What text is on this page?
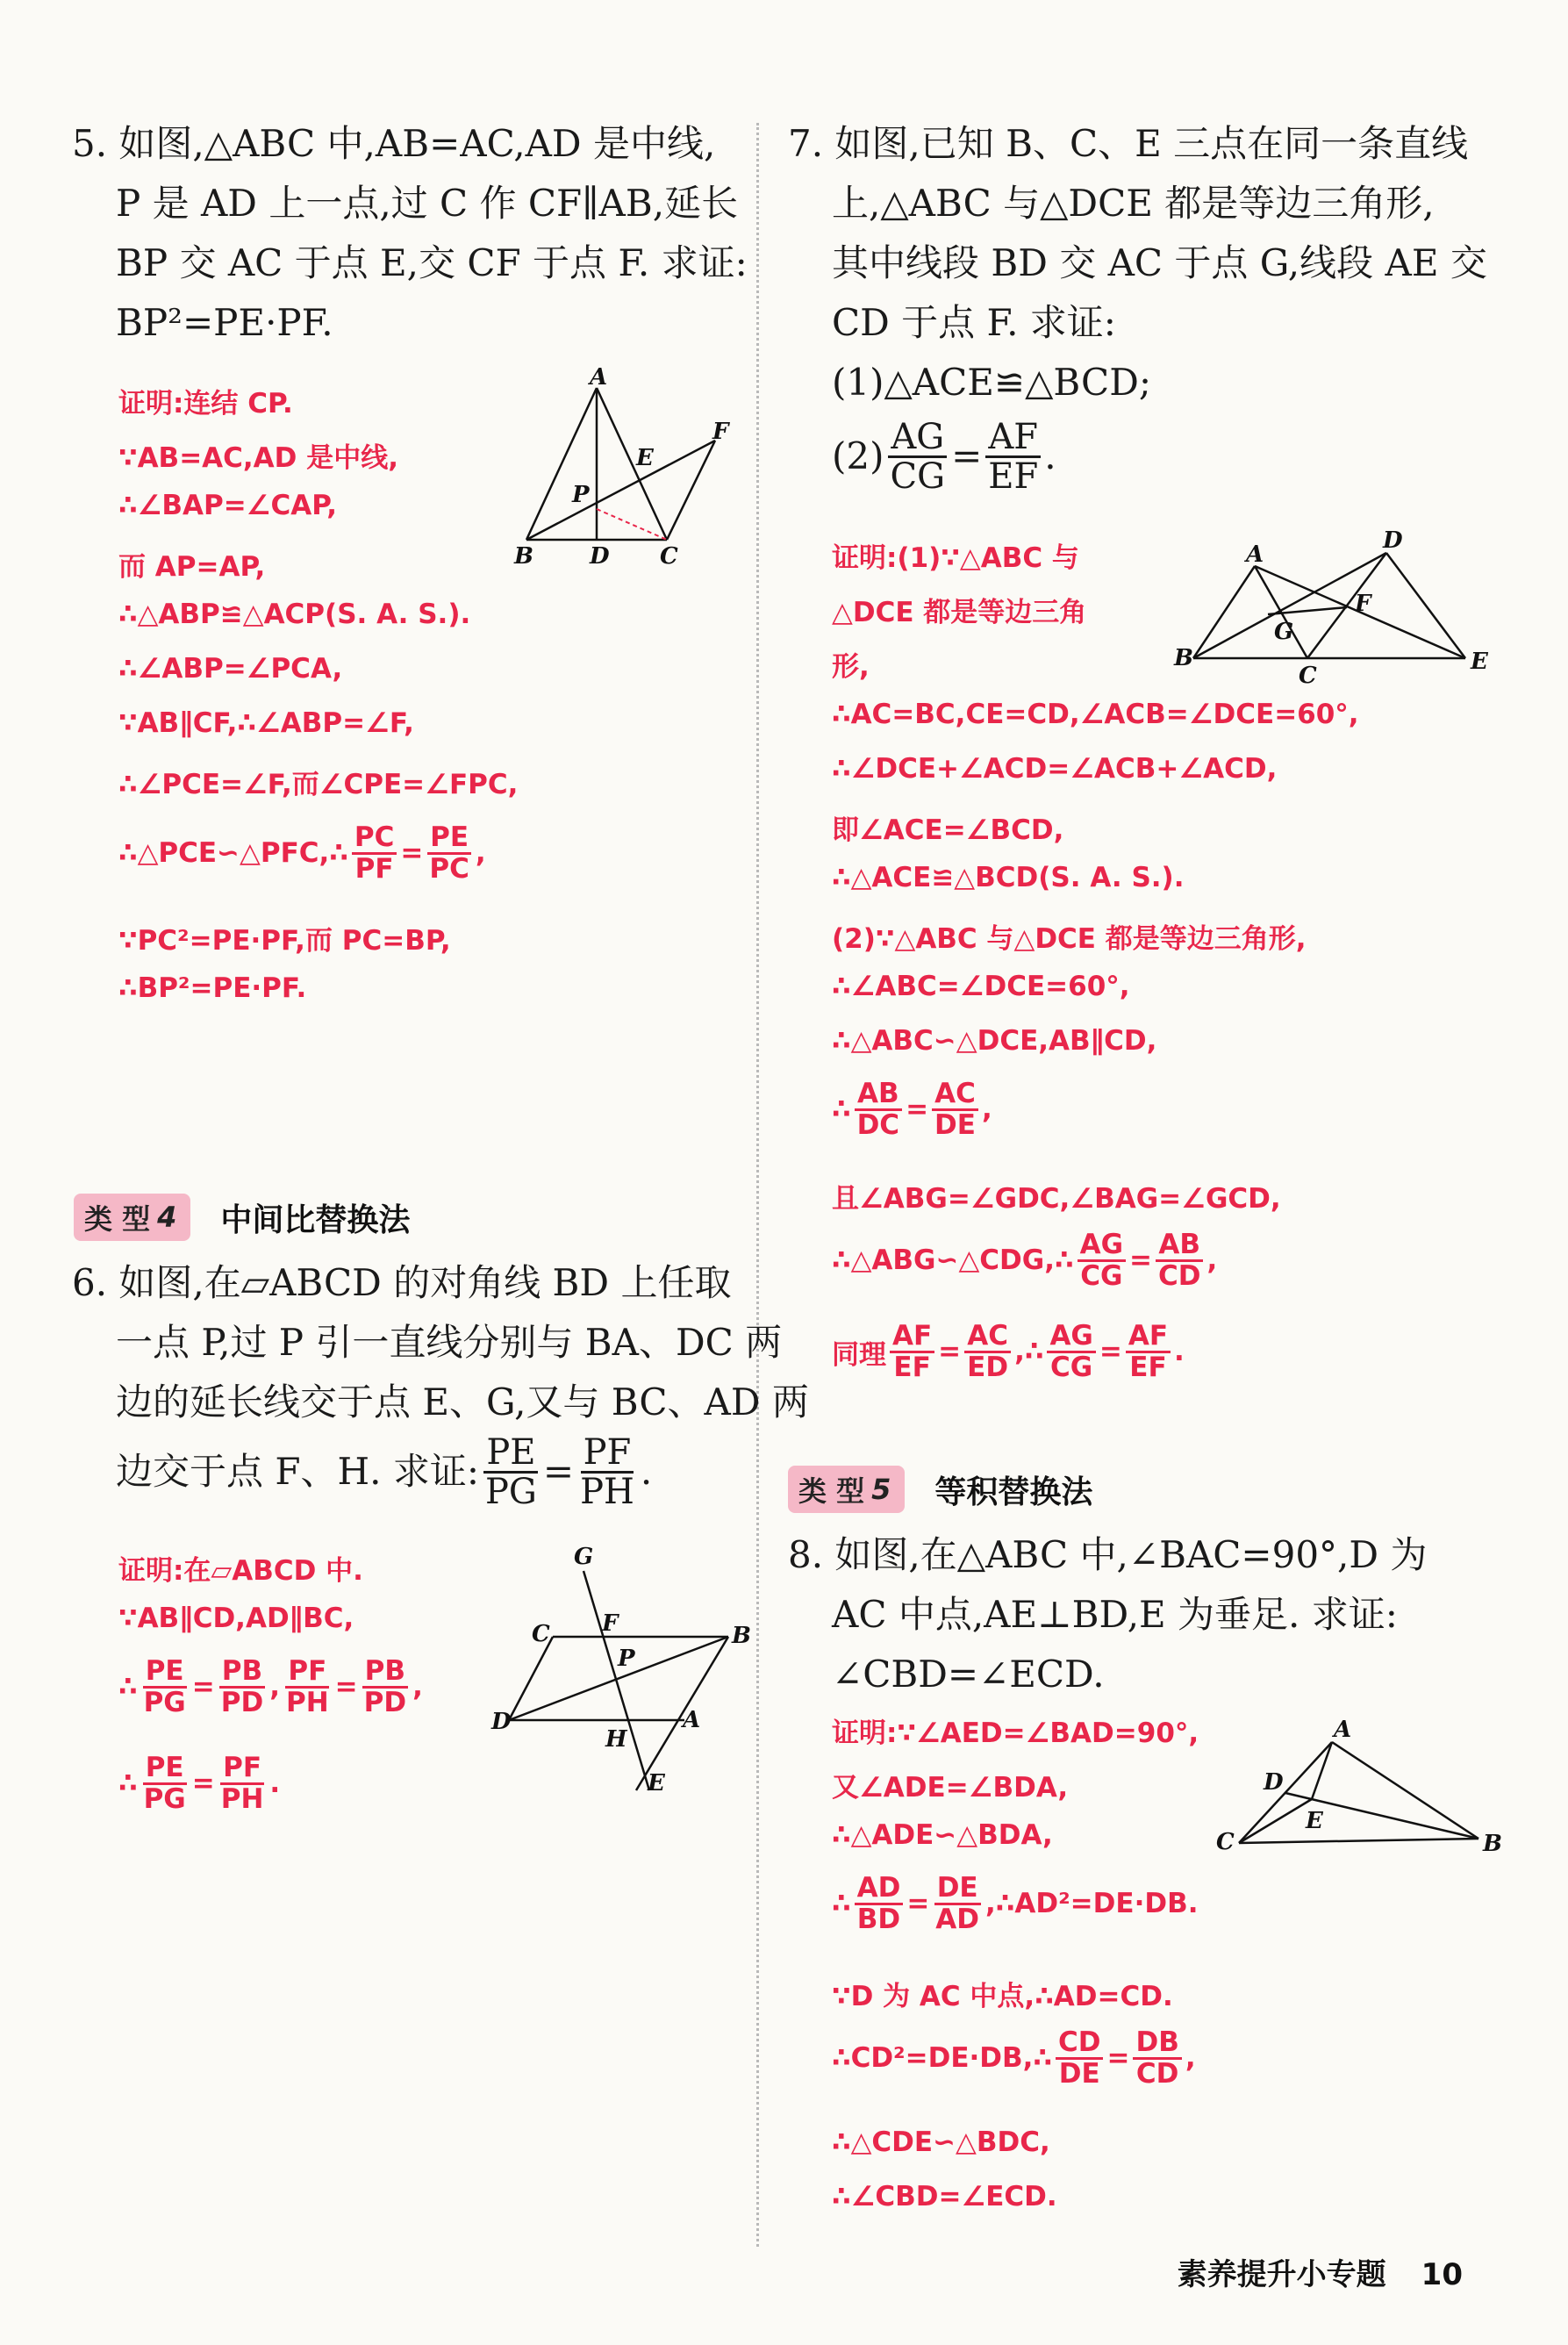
5. 如图,△ABC 中,AB=AC,AD 是中线,
P 是 AD 上一点,过 C 作 CF∥AB,延长
BP 交 AC 于点 E,交 CF 于点 F. 求证:
BP²=PE·PF.
证明:连结 CP.
∵AB=AC,AD 是中线,
∴∠BAP=∠CAP,
而 AP=AP,
∴△ABP≌△ACP(S. A. S.).
∴∠ABP=∠PCA,
∵AB∥CF,∴∠ABP=∠F,
∴∠PCE=∠F,而∠CPE=∠FPC,
∴△PCE∽△PFC,∴ $\frac{PC}{PF} = \frac{PE}{PC}$ ,
∵PC²=PE·PF,而 PC=BP,
∴BP²=PE·PF.
A
B D C
E
F
P
类 型 4 中间比替换法
6. 如图,在▱ABCD 的对角线 BD 上任取
一点 P,过 P 引一直线分别与 BA、DC 两
边的延长线交于点 E、G,又与 BC、AD 两
边交于点 F、H. 求证: $\frac{PE}{PG} = \frac{PF}{PH}$ .
证明:在▱ABCD 中.
∵AB∥CD,AD∥BC,
∴ $\frac{PE}{PG} = \frac{PB}{PD}$ , $\frac{PF}{PH} = \frac{PB}{PD}$ ,
∴ $\frac{PE}{PG} = \frac{PF}{PH}$ .
G
C F	B
P
D
H
A
E
7. 如图,已知 B、C、E 三点在同一条直线
上,△ABC 与△DCE 都是等边三角形,
其中线段 BD 交 AC 于点 G,线段 AE 交
CD 于点 F. 求证:
(1)△ACE≌△BCD;
$(2) \frac{AG}{CG} = \frac{AF}{EF}$ .
证明:(1)∵△ABC 与
△DCE 都是等边三角
形,
∴AC=BC,CE=CD,∠ACB=∠DCE=60°,
∴∠DCE+∠ACD=∠ACB+∠ACD,
即∠ACE=∠BCD,
∴△ACE≌△BCD(S. A. S.).
(2)∵△ABC 与△DCE 都是等边三角形,
∴∠ABC=∠DCE=60°,
∴△ABC∽△DCE,AB∥CD,
∴ $\frac{AB}{DC} = \frac{AC}{DE}$ ,
且∠ABG=∠GDC,∠BAG=∠GCD,
∴△ABG∽△CDG,∴ $\frac{AG}{CG} = \frac{AB}{CD}$ ,
同理 $\frac{AF}{EF} = \frac{AC}{ED}$ ,∴ $\frac{AG}{CG} = \frac{AF}{EF}$ .
A
B
C
D
E
F
G
类 型 5 等积替换法
8. 如图,在△ABC 中,∠BAC=90°,D 为
AC 中点,AE⊥BD,E 为垂足. 求证:
∠CBD=∠ECD.
证明:∵∠AED=∠BAD=90°,
又∠ADE=∠BDA,
∴△ADE∽△BDA,
∴ $\frac{AD}{BD} = \frac{DE}{AD}$ ,∴AD²=DE·DB.
∵D 为 AC 中点,∴AD=CD.
∴CD²=DE·DB,∴ $\frac{CD}{DE} = \frac{DB}{CD}$ ,
∴△CDE∽△BDC,
∴∠CBD=∠ECD.
A
B
C
D
E
素养提升小专题 10
